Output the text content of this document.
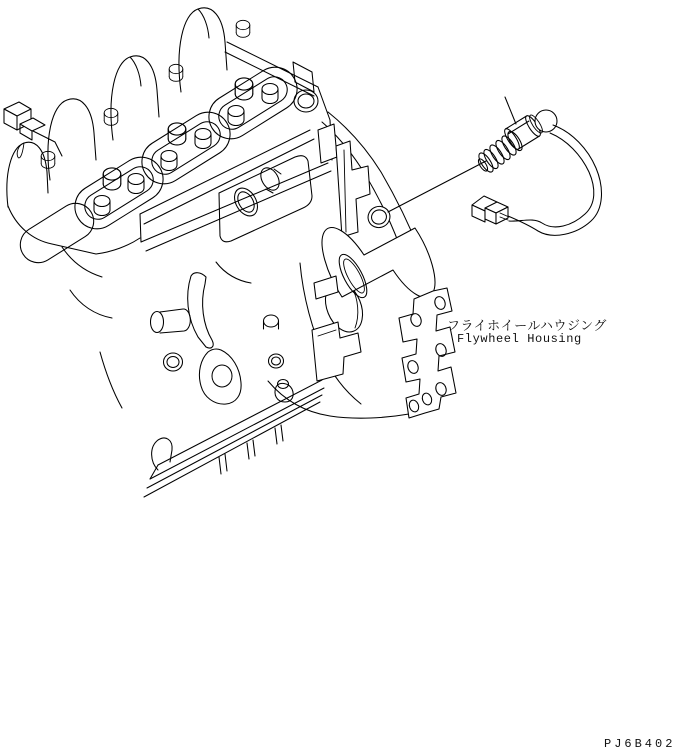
フライホイールハウジング
Flywheel Housing
PJ6B402
